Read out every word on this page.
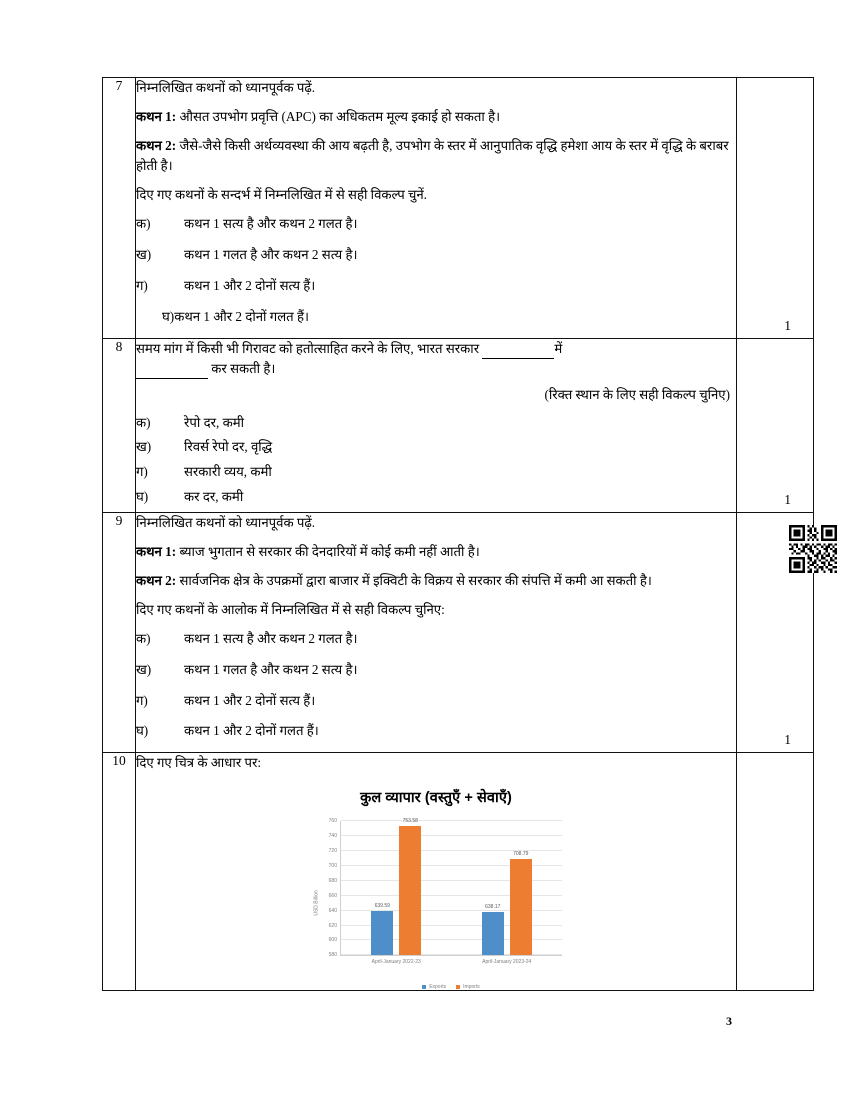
7	निम्नलिखित कथनों को ध्यानपूर्वक पढ़ें.

कथन 1: औसत उपभोग प्रवृत्ति (APC) का अधिकतम मूल्य इकाई हो सकता है।

कथन 2: जैसे-जैसे किसी अर्थव्यवस्था की आय बढ़ती है, उपभोग के स्तर में आनुपातिक वृद्धि हमेशा आय के स्तर में वृद्धि के बराबर होती है।

दिए गए कथनों के सन्दर्भ में निम्नलिखित में से सही विकल्प चुनें.

क)	कथन 1 सत्य है और कथन 2 गलत है।
ख) कथन 1 गलत है और कथन 2 सत्य है।
ग)	कथन 1 और 2 दोनों सत्य हैं।
घ)कथन 1 और 2 दोनों गलत हैं।

1

8	समय मांग में किसी भी गिरावट को हतोत्साहित करने के लिए, भारत सरकार	में
कर सकती है।

(रिक्त स्थान के लिए सही विकल्प चुनिए)

क)	रेपो दर, कमी
ख) रिवर्स रेपो दर, वृद्धि
ग)	सरकारी व्यय, कमी
घ)	कर दर, कमी	1

9	निम्नलिखित कथनों को ध्यानपूर्वक पढ़ें.

कथन 1: ब्याज भुगतान से सरकार की देनदारियों में कोई कमी नहीं आती है।

कथन 2: सार्वजनिक क्षेत्र के उपक्रमों द्वारा बाजार में इक्विटी के विक्रय से सरकार की संपत्ति में कमी आ सकती है।

दिए गए कथनों के आलोक में निम्नलिखित में से सही विकल्प चुनिए:

क)	कथन 1 सत्य है और कथन 2 गलत है।
ख) कथन 1 गलत है और कथन 2 सत्य है।
ग)	कथन 1 और 2 दोनों सत्य हैं।
घ)	कथन 1 और 2 दोनों गलत हैं।

1

10	दिए गए चित्र के आधार पर:

कुल व्यापार (वस्तुएँ + सेवाएँ)
USD Billion
580
600
620
640
660
680
700
720
740
760
639.59
753.58
April-January 2022-23
638.17
708.79
April-January 2023-24
Exports	Imports

3
